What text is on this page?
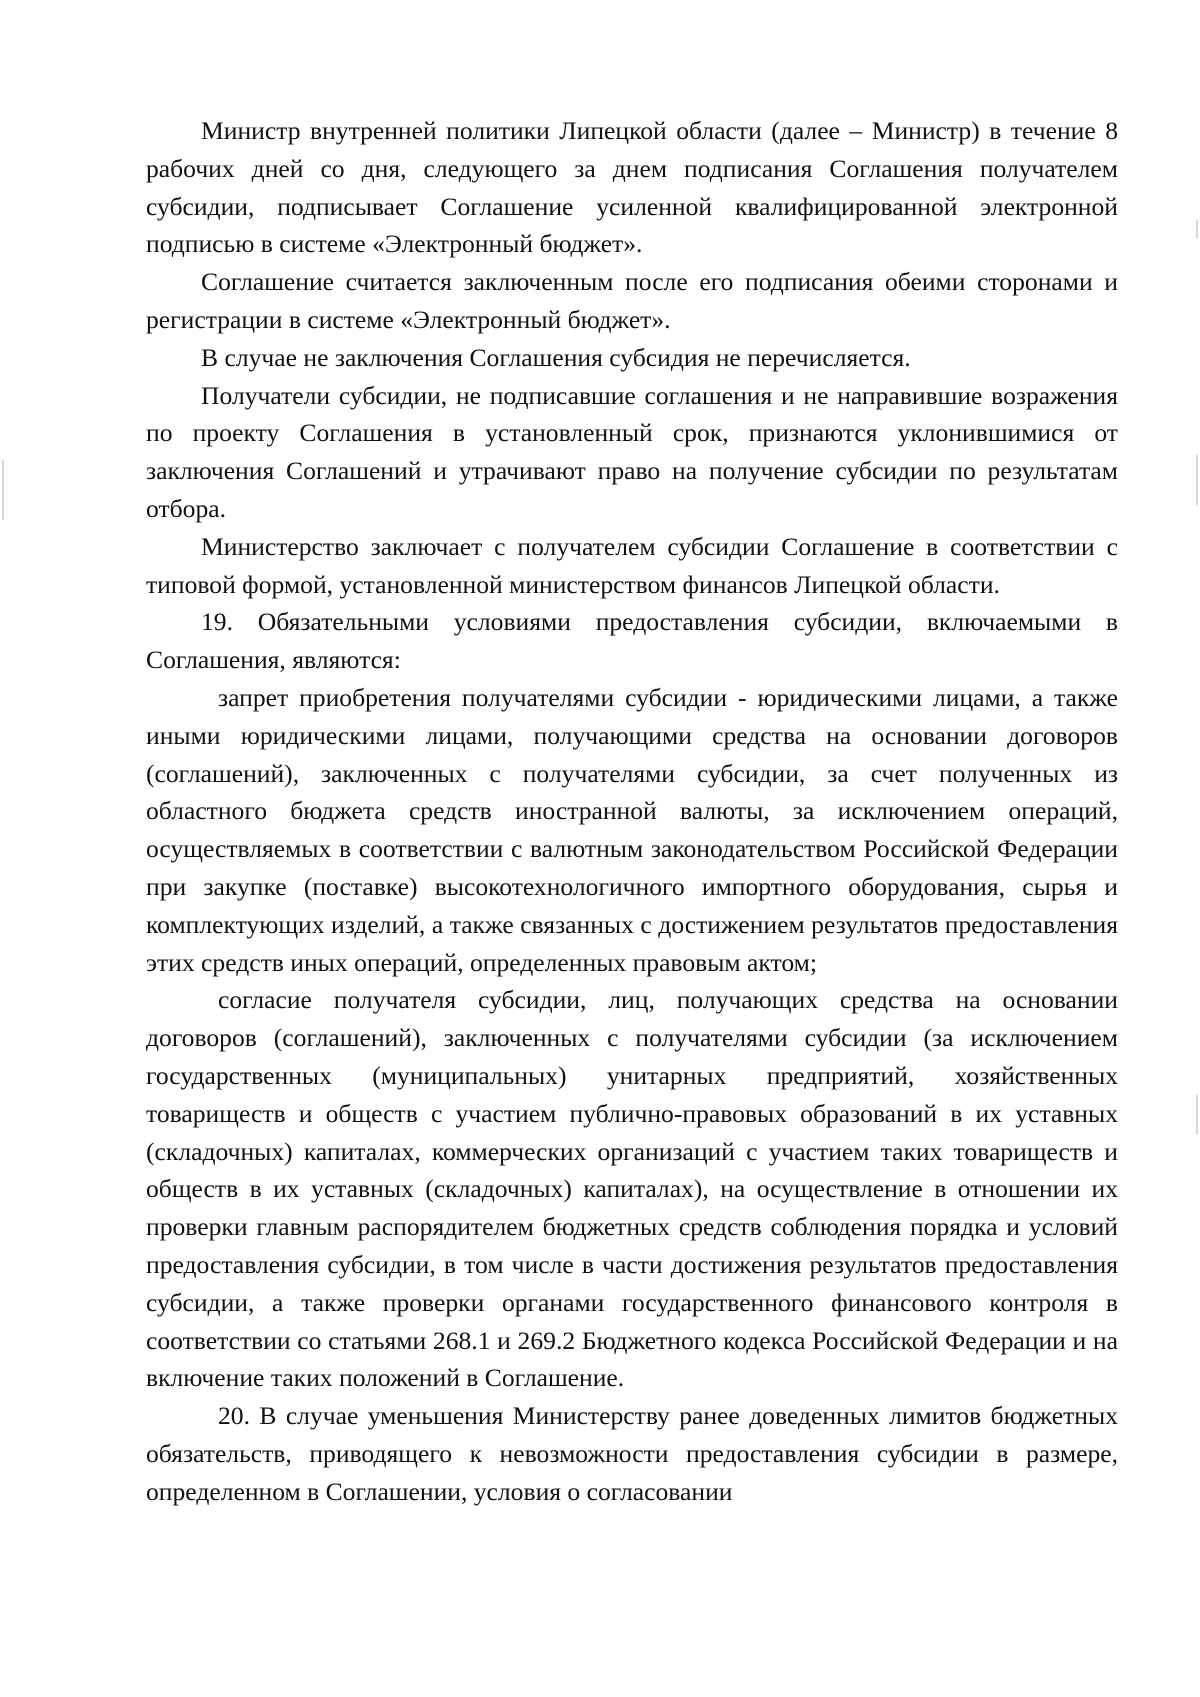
Министр внутренней политики Липецкой области (далее – Министр) в течение 8 рабочих дней со дня, следующего за днем подписания Соглашения получателем субсидии, подписывает Соглашение усиленной квалифицированной электронной подписью в системе «Электронный бюджет».

Соглашение считается заключенным после его подписания обеими сторонами и регистрации в системе «Электронный бюджет».

В случае не заключения Соглашения субсидия не перечисляется.

Получатели субсидии, не подписавшие соглашения и не направившие возражения по проекту Соглашения в установленный срок, признаются уклонившимися от заключения Соглашений и утрачивают право на получение субсидии по результатам отбора.

Министерство заключает с получателем субсидии Соглашение в соответствии с типовой формой, установленной министерством финансов Липецкой области.

19. Обязательными условиями предоставления субсидии, включаемыми в Соглашения, являются:

запрет приобретения получателями субсидии - юридическими лицами, а также иными юридическими лицами, получающими средства на основании договоров (соглашений), заключенных с получателями субсидии, за счет полученных из областного бюджета средств иностранной валюты, за исключением операций, осуществляемых в соответствии с валютным законодательством Российской Федерации при закупке (поставке) высокотехнологичного импортного оборудования, сырья и комплектующих изделий, а также связанных с достижением результатов предоставления этих средств иных операций, определенных правовым актом;

согласие получателя субсидии, лиц, получающих средства на основании договоров (соглашений), заключенных с получателями субсидии (за исключением государственных (муниципальных) унитарных предприятий, хозяйственных товариществ и обществ с участием публично-правовых образований в их уставных (складочных) капиталах, коммерческих организаций с участием таких товариществ и обществ в их уставных (складочных) капиталах), на осуществление в отношении их проверки главным распорядителем бюджетных средств соблюдения порядка и условий предоставления субсидии, в том числе в части достижения результатов предоставления субсидии, а также проверки органами государственного финансового контроля в соответствии со статьями 268.1 и 269.2 Бюджетного кодекса Российской Федерации и на включение таких положений в Соглашение.

20. В случае уменьшения Министерству ранее доведенных лимитов бюджетных обязательств, приводящего к невозможности предоставления субсидии в размере, определенном в Соглашении, условия о согласовании
